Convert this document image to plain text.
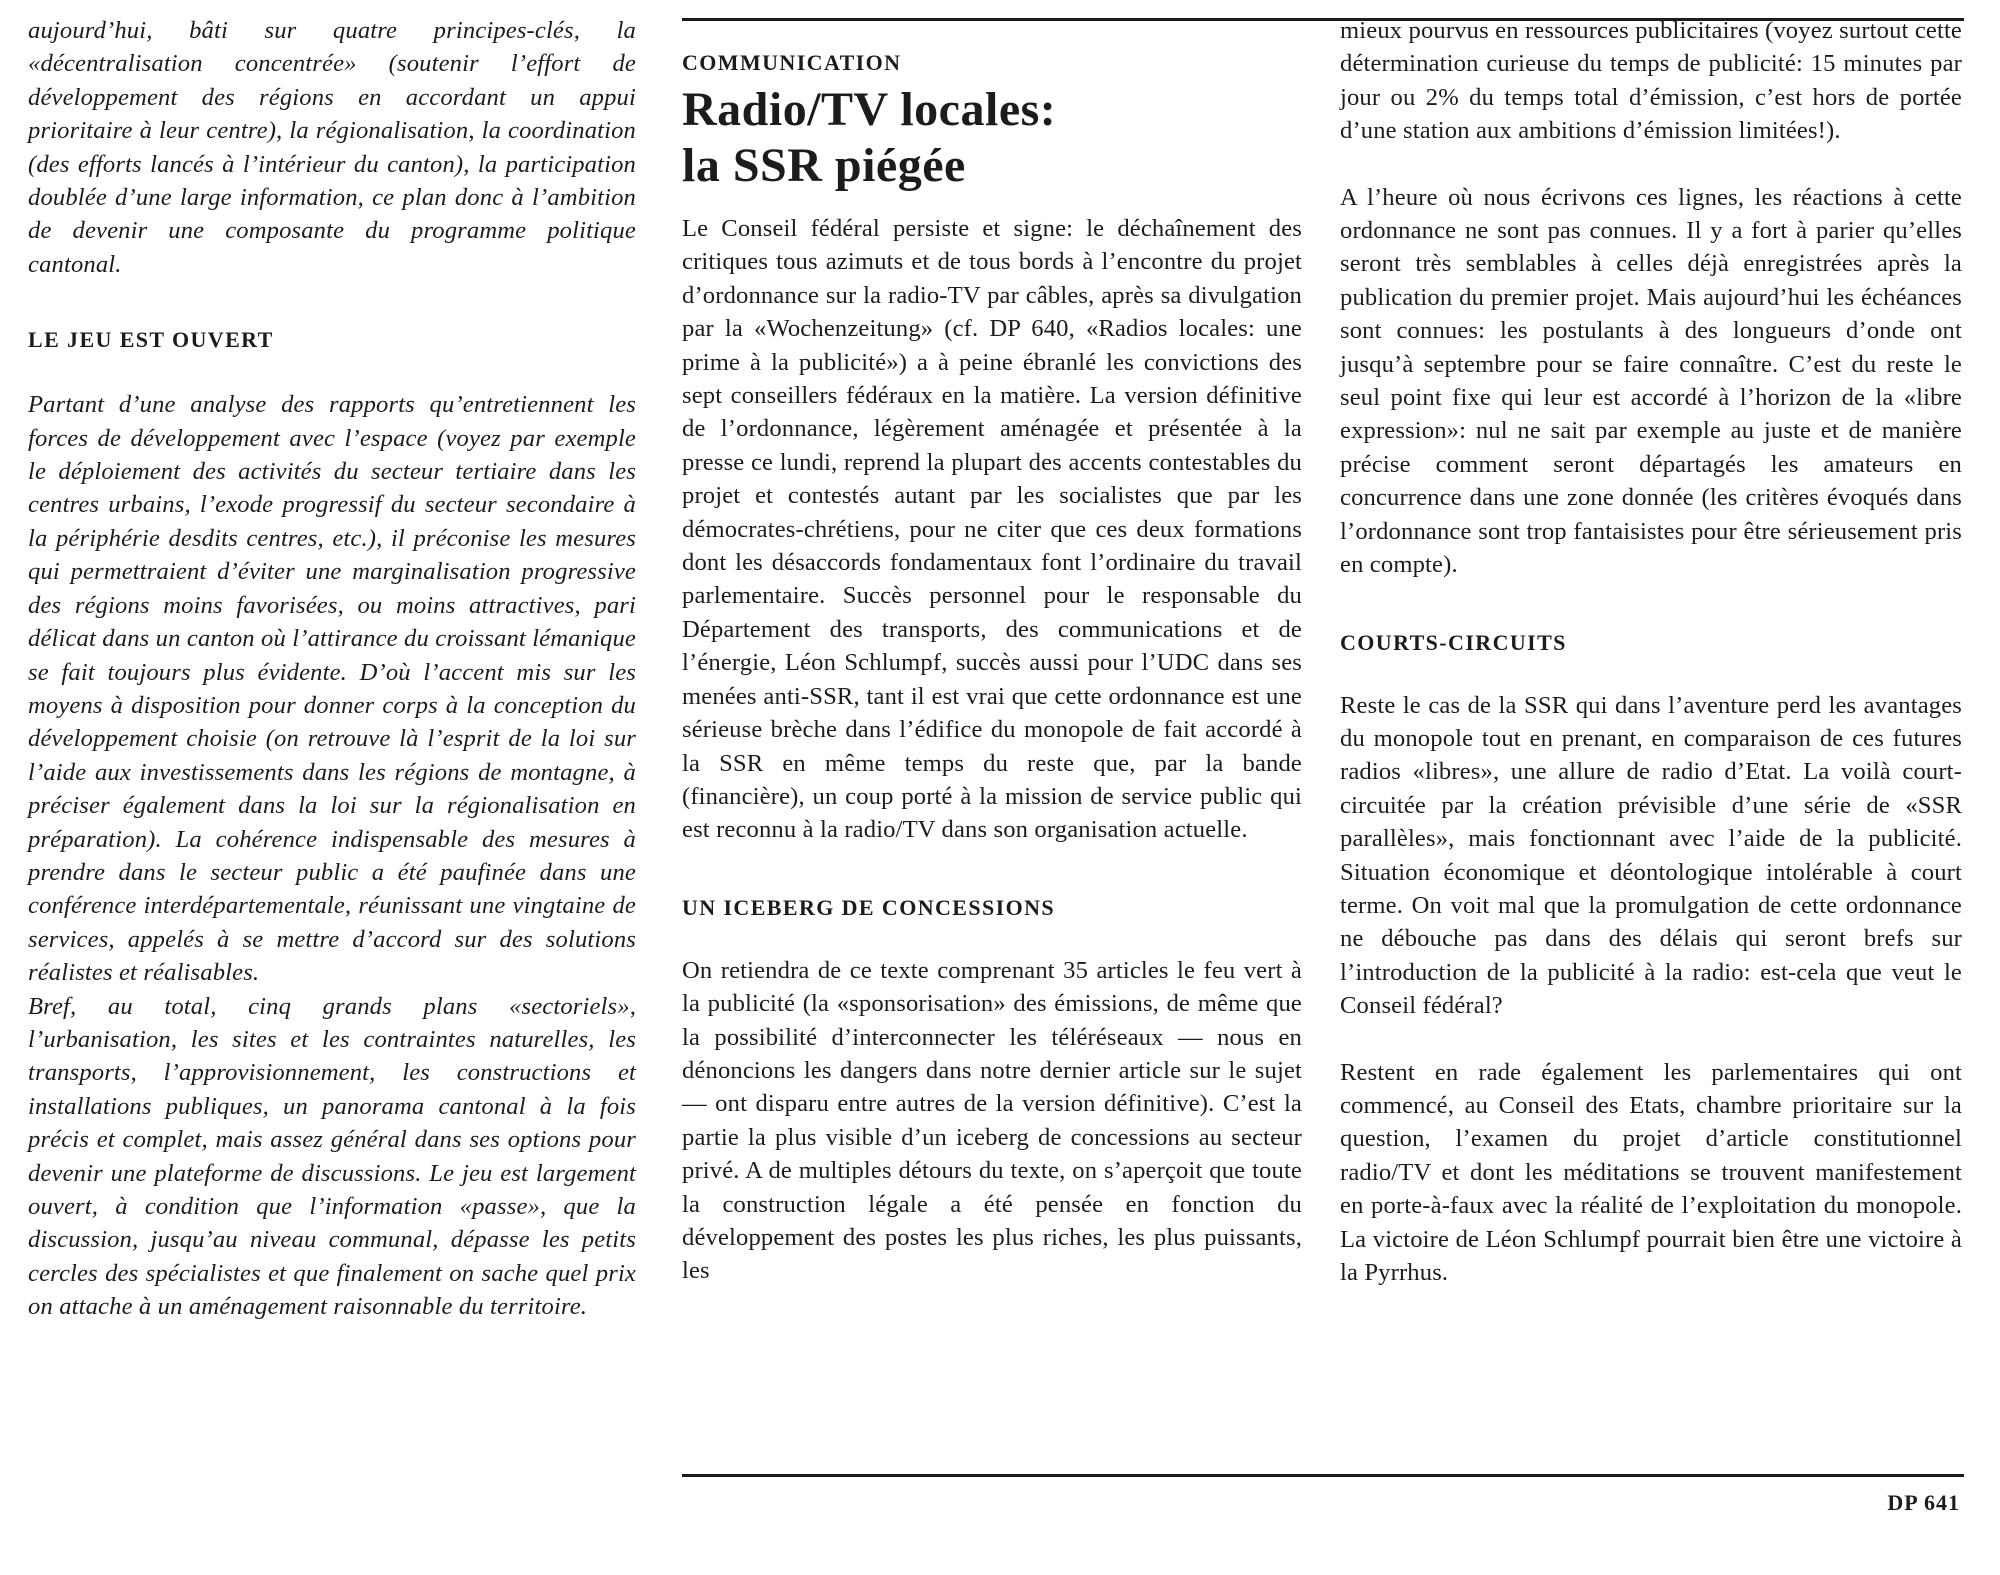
aujourd’hui, bâti sur quatre principes-clés, la «décentralisation concentrée» (soutenir l’effort de développement des régions en accordant un appui prioritaire à leur centre), la régionalisation, la coordination (des efforts lancés à l’intérieur du canton), la participation doublée d’une large information, ce plan donc à l’ambition de devenir une composante du programme politique cantonal.

LE JEU EST OUVERT

Partant d’une analyse des rapports qu’entretiennent les forces de développement avec l’espace (voyez par exemple le déploiement des activités du secteur tertiaire dans les centres urbains, l’exode progressif du secteur secondaire à la périphérie desdits centres, etc.), il préconise les mesures qui permettraient d’éviter une marginalisation progressive des régions moins favorisées, ou moins attractives, pari délicat dans un canton où l’attirance du croissant lémanique se fait toujours plus évidente. D’où l’accent mis sur les moyens à disposition pour donner corps à la conception du développement choisie (on retrouve là l’esprit de la loi sur l’aide aux investissements dans les régions de montagne, à préciser également dans la loi sur la régionalisation en préparation). La cohérence indispensable des mesures à prendre dans le secteur public a été paufinée dans une conférence interdépartementale, réunissant une vingtaine de services, appelés à se mettre d’accord sur des solutions réalistes et réalisables.

Bref, au total, cinq grands plans «sectoriels», l’urbanisation, les sites et les contraintes naturelles, les transports, l’approvisionnement, les constructions et installations publiques, un panorama cantonal à la fois précis et complet, mais assez général dans ses options pour devenir une plateforme de discussions. Le jeu est largement ouvert, à condition que l’information «passe», que la discussion, jusqu’au niveau communal, dépasse les petits cercles des spécialistes et que finalement on sache quel prix on attache à un aménagement raisonnable du territoire.

COMMUNICATION
Radio/TV locales:
la SSR piégée

Le Conseil fédéral persiste et signe: le déchaînement des critiques tous azimuts et de tous bords à l’encontre du projet d’ordonnance sur la radio-TV par câbles, après sa divulgation par la «Wochenzeitung» (cf. DP 640, «Radios locales: une prime à la publicité») a à peine ébranlé les convictions des sept conseillers fédéraux en la matière. La version définitive de l’ordonnance, légèrement aménagée et présentée à la presse ce lundi, reprend la plupart des accents contestables du projet et contestés autant par les socialistes que par les démocrates-chrétiens, pour ne citer que ces deux formations dont les désaccords fondamentaux font l’ordinaire du travail parlementaire. Succès personnel pour le responsable du Département des transports, des communications et de l’énergie, Léon Schlumpf, succès aussi pour l’UDC dans ses menées anti-SSR, tant il est vrai que cette ordonnance est une sérieuse brèche dans l’édifice du monopole de fait accordé à la SSR en même temps du reste que, par la bande (financière), un coup porté à la mission de service public qui est reconnu à la radio/TV dans son organisation actuelle.

UN ICEBERG DE CONCESSIONS

On retiendra de ce texte comprenant 35 articles le feu vert à la publicité (la «sponsorisation» des émissions, de même que la possibilité d’interconnecter les téléréseaux — nous en dénoncions les dangers dans notre dernier article sur le sujet — ont disparu entre autres de la version définitive). C’est la partie la plus visible d’un iceberg de concessions au secteur privé. A de multiples détours du texte, on s’aperçoit que toute la construction légale a été pensée en fonction du développement des postes les plus riches, les plus puissants, les

mieux pourvus en ressources publicitaires (voyez surtout cette détermination curieuse du temps de publicité: 15 minutes par jour ou 2% du temps total d’émission, c’est hors de portée d’une station aux ambitions d’émission limitées!).

A l’heure où nous écrivons ces lignes, les réactions à cette ordonnance ne sont pas connues. Il y a fort à parier qu’elles seront très semblables à celles déjà enregistrées après la publication du premier projet. Mais aujourd’hui les échéances sont connues: les postulants à des longueurs d’onde ont jusqu’à septembre pour se faire connaître. C’est du reste le seul point fixe qui leur est accordé à l’horizon de la «libre expression»: nul ne sait par exemple au juste et de manière précise comment seront départagés les amateurs en concurrence dans une zone donnée (les critères évoqués dans l’ordonnance sont trop fantaisistes pour être sérieusement pris en compte).

COURTS-CIRCUITS

Reste le cas de la SSR qui dans l’aventure perd les avantages du monopole tout en prenant, en comparaison de ces futures radios «libres», une allure de radio d’Etat. La voilà court-circuitée par la création prévisible d’une série de «SSR parallèles», mais fonctionnant avec l’aide de la publicité. Situation économique et déontologique intolérable à court terme. On voit mal que la promulgation de cette ordonnance ne débouche pas dans des délais qui seront brefs sur l’introduction de la publicité à la radio: est-cela que veut le Conseil fédéral?

Restent en rade également les parlementaires qui ont commencé, au Conseil des Etats, chambre prioritaire sur la question, l’examen du projet d’article constitutionnel radio/TV et dont les méditations se trouvent manifestement en porte-à-faux avec la réalité de l’exploitation du monopole. La victoire de Léon Schlumpf pourrait bien être une victoire à la Pyrrhus.

DP 641
